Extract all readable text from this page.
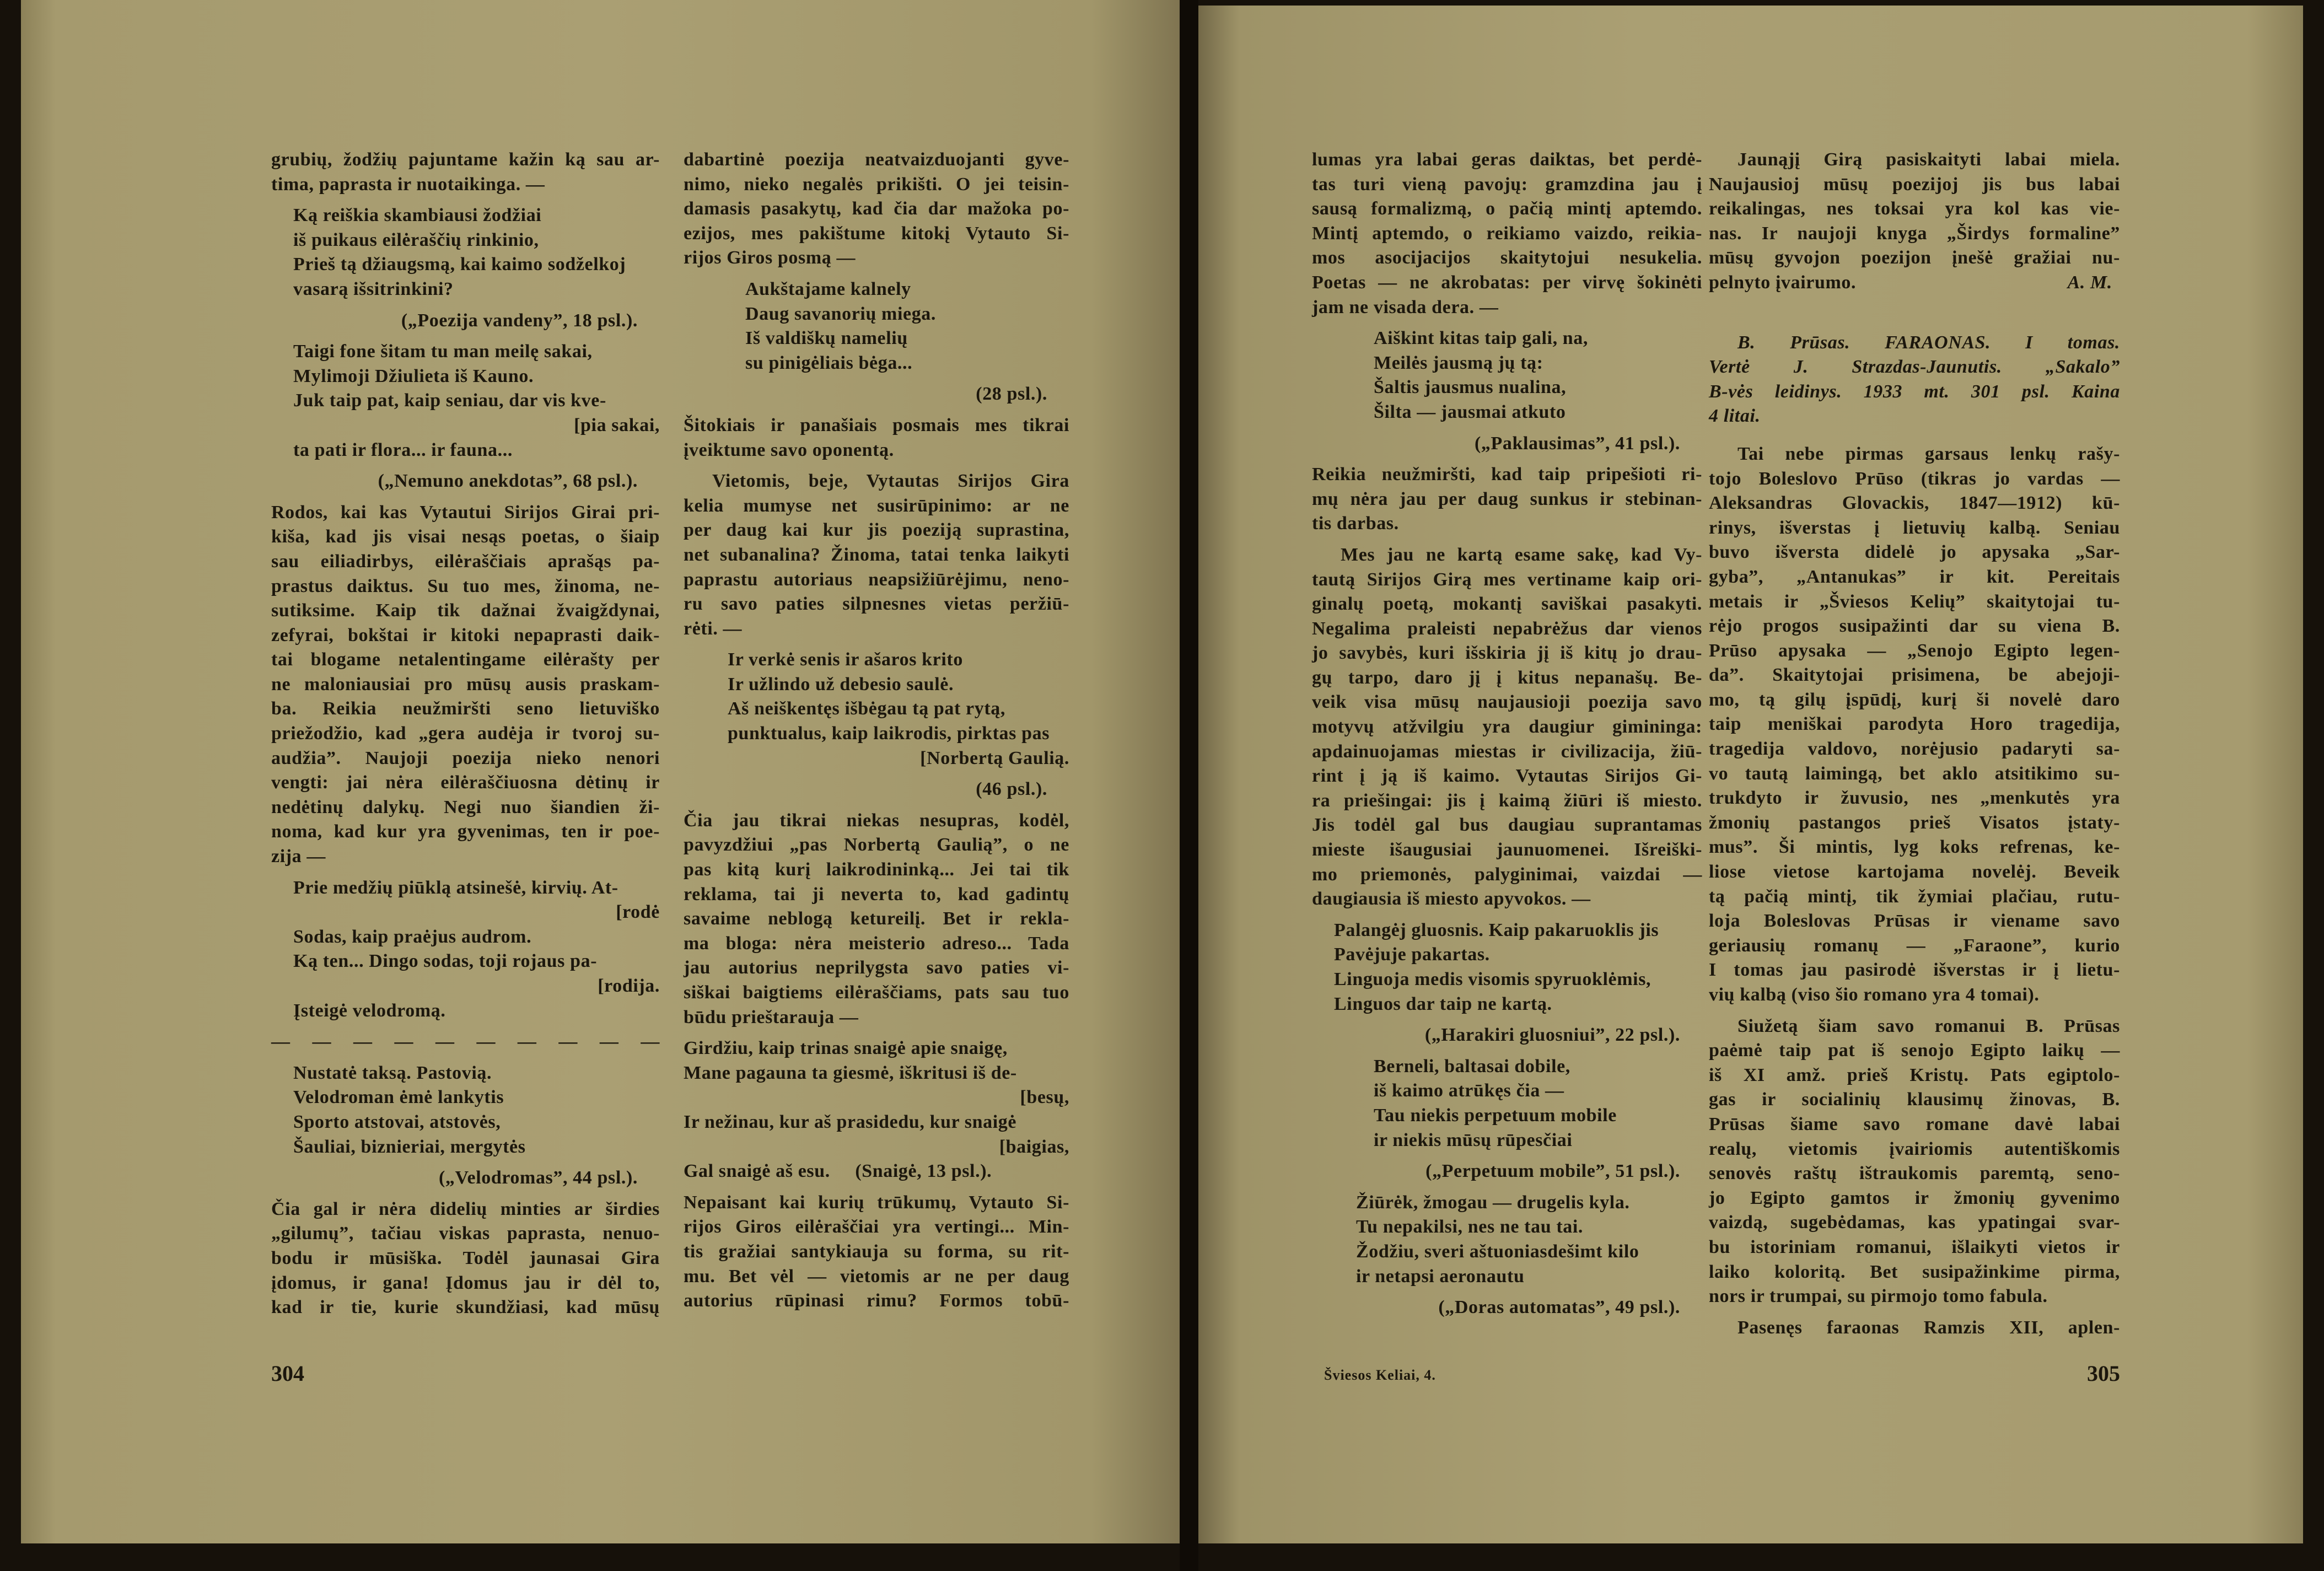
grubių, žodžių pajuntame kažin ką sau ar-
tima, paprasta ir nuotaikinga. —
Ką reiškia skambiausi žodžiai
iš puikaus eilėraščių rinkinio,
Prieš tą džiaugsmą, kai kaimo sodželkoj
vasarą išsitrinkini?
(„Poezija vandeny”, 18 psl.).
Taigi fone šitam tu man meilę sakai,
Mylimoji Džiulieta iš Kauno.
Juk taip pat, kaip seniau, dar vis kve-
[pia sakai,
ta pati ir flora... ir fauna...
(„Nemuno anekdotas”, 68 psl.).
Rodos, kai kas Vytautui Sirijos Girai pri-
kiša, kad jis visai nesąs poetas, o šiaip
sau eiliadirbys, eilėraščiais aprašąs pa-
prastus daiktus. Su tuo mes, žinoma, ne-
sutiksime. Kaip tik dažnai žvaigždynai,
zefyrai, bokštai ir kitoki nepaprasti daik-
tai blogame netalentingame eilėrašty per
ne maloniausiai pro mūsų ausis praskam-
ba. Reikia neužmiršti seno lietuviško
priežodžio, kad „gera audėja ir tvoroj su-
audžia”. Naujoji poezija nieko nenori
vengti: jai nėra eilėraščiuosna dėtinų ir
nedėtinų dalykų. Negi nuo šiandien ži-
noma, kad kur yra gyvenimas, ten ir poe-
zija —
Prie medžių piūklą atsinešė, kirvių. At-
[rodė
Sodas, kaip praėjus audrom.
Ką ten... Dingo sodas, toji rojaus pa-
[rodija.
Įsteigė velodromą.
— — — — — — — — — —
Nustatė taksą. Pastovią.
Velodroman ėmė lankytis
Sporto atstovai, atstovės,
Šauliai, biznieriai, mergytės
(„Velodromas”, 44 psl.).
Čia gal ir nėra didelių minties ar širdies
„gilumų”, tačiau viskas paprasta, nenuo-
bodu ir mūsiška. Todėl jaunasai Gira
įdomus, ir gana! Įdomus jau ir dėl to,
kad ir tie, kurie skundžiasi, kad mūsų
dabartinė poezija neatvaizduojanti gyve-
nimo, nieko negalės prikišti. O jei teisin-
damasis pasakytų, kad čia dar mažoka po-
ezijos, mes pakištume kitokį Vytauto Si-
rijos Giros posmą —
Aukštajame kalnely
Daug savanorių miega.
Iš valdiškų namelių
su pinigėliais bėga...
(28 psl.).
Šitokiais ir panašiais posmais mes tikrai
įveiktume savo oponentą.
Vietomis, beje, Vytautas Sirijos Gira
kelia mumyse net susirūpinimo: ar ne
per daug kai kur jis poeziją suprastina,
net subanalina? Žinoma, tatai tenka laikyti
paprastu autoriaus neapsižiūrėjimu, neno-
ru savo paties silpnesnes vietas peržiū-
rėti. —
Ir verkė senis ir ašaros krito
Ir užlindo už debesio saulė.
Aš neiškentęs išbėgau tą pat rytą,
punktualus, kaip laikrodis, pirktas pas
[Norbertą Gaulią.
(46 psl.).
Čia jau tikrai niekas nesupras, kodėl,
pavyzdžiui „pas Norbertą Gaulią”, o ne
pas kitą kurį laikrodininką... Jei tai tik
reklama, tai ji neverta to, kad gadintų
savaime neblogą ketureilį. Bet ir rekla-
ma bloga: nėra meisterio adreso... Tada
jau autorius neprilygsta savo paties vi-
siškai baigtiems eilėraščiams, pats sau tuo
būdu prieštarauja —
Girdžiu, kaip trinas snaigė apie snaigę,
Mane pagauna ta giesmė, iškritusi iš de-
[besų,
Ir nežinau, kur aš prasidedu, kur snaigė
[baigias,
Gal snaigė aš esu.     (Snaigė, 13 psl.).
Nepaisant kai kurių trūkumų, Vytauto Si-
rijos Giros eilėraščiai yra vertingi... Min-
tis gražiai santykiauja su forma, su rit-
mu. Bet vėl — vietomis ar ne per daug
autorius rūpinasi rimu? Formos tobū-
lumas yra labai geras daiktas, bet perdė-
tas turi vieną pavojų: gramzdina jau į
sausą formalizmą, o pačią mintį aptemdo.
Mintį aptemdo, o reikiamo vaizdo, reikia-
mos asocijacijos skaitytojui nesukelia.
Poetas — ne akrobatas: per virvę šokinėti
jam ne visada dera. —
Aiškint kitas taip gali, na,
Meilės jausmą jų tą:
Šaltis jausmus nualina,
Šilta — jausmai atkuto
(„Paklausimas”, 41 psl.).
Reikia neužmiršti, kad taip pripešioti ri-
mų nėra jau per daug sunkus ir stebinan-
tis darbas.
Mes jau ne kartą esame sakę, kad Vy-
tautą Sirijos Girą mes vertiname kaip ori-
ginalų poetą, mokantį saviškai pasakyti.
Negalima praleisti nepabrėžus dar vienos
jo savybės, kuri išskiria jį iš kitų jo drau-
gų tarpo, daro jį į kitus nepanašų. Be-
veik visa mūsų naujausioji poezija savo
motyvų atžvilgiu yra daugiur gimininga:
apdainuojamas miestas ir civilizacija, žiū-
rint į ją iš kaimo. Vytautas Sirijos Gi-
ra priešingai: jis į kaimą žiūri iš miesto.
Jis todėl gal bus daugiau suprantamas
mieste išaugusiai jaunuomenei. Išreiški-
mo priemonės, palyginimai, vaizdai —
daugiausia iš miesto apyvokos. —
Palangėj gluosnis. Kaip pakaruoklis jis
Pavėjuje pakartas.
Linguoja medis visomis spyruoklėmis,
Linguos dar taip ne kartą.
(„Harakiri gluosniui”, 22 psl.).
Berneli, baltasai dobile,
iš kaimo atrūkęs čia —
Tau niekis perpetuum mobile
ir niekis mūsų rūpesčiai
(„Perpetuum mobile”, 51 psl.).
Žiūrėk, žmogau — drugelis kyla.
Tu nepakilsi, nes ne tau tai.
Žodžiu, sveri aštuoniasdešimt kilo
ir netapsi aeronautu
(„Doras automatas”, 49 psl.).
Jaunąjį Girą pasiskaityti labai miela.
Naujausioj mūsų poezijoj jis bus labai
reikalingas, nes toksai yra kol kas vie-
nas. Ir naujoji knyga „Širdys formaline”
mūsų gyvojon poezijon įnešė gražiai nu-
pelnyto įvairumo.	A. M.
B. Prūsas. FARAONAS. I tomas.
Vertė J. Strazdas-Jaunutis. „Sakalo”
B-vės leidinys. 1933 mt. 301 psl. Kaina
4 litai.
Tai nebe pirmas garsaus lenkų rašy-
tojo Boleslovo Prūso (tikras jo vardas —
Aleksandras Glovackis, 1847—1912) kū-
rinys, išverstas į lietuvių kalbą. Seniau
buvo išversta didelė jo apysaka „Sar-
gyba”, „Antanukas” ir kit. Pereitais
metais ir „Šviesos Kelių” skaitytojai tu-
rėjo progos susipažinti dar su viena B.
Prūso apysaka — „Senojo Egipto legen-
da”. Skaitytojai prisimena, be abejoji-
mo, tą gilų įspūdį, kurį ši novelė daro
taip meniškai parodyta Horo tragedija,
tragedija valdovo, norėjusio padaryti sa-
vo tautą laimingą, bet aklo atsitikimo su-
trukdyto ir žuvusio, nes „menkutės yra
žmonių pastangos prieš Visatos įstaty-
mus”. Ši mintis, lyg koks refrenas, ke-
liose vietose kartojama novelėj. Beveik
tą pačią mintį, tik žymiai plačiau, rutu-
loja Boleslovas Prūsas ir viename savo
geriausių romanų — „Faraone”, kurio
I tomas jau pasirodė išverstas ir į lietu-
vių kalbą (viso šio romano yra 4 tomai).
Siužetą šiam savo romanui B. Prūsas
paėmė taip pat iš senojo Egipto laikų —
iš XI amž. prieš Kristų. Pats egiptolo-
gas ir socialinių klausimų žinovas, B.
Prūsas šiame savo romane davė labai
realų, vietomis įvairiomis autentiškomis
senovės raštų ištraukomis paremtą, seno-
jo Egipto gamtos ir žmonių gyvenimo
vaizdą, sugebėdamas, kas ypatingai svar-
bu istoriniam romanui, išlaikyti vietos ir
laiko koloritą. Bet susipažinkime pirma,
nors ir trumpai, su pirmojo tomo fabula.
Pasenęs faraonas Ramzis XII, aplen-
304	Šviesos Keliai, 4.	305
